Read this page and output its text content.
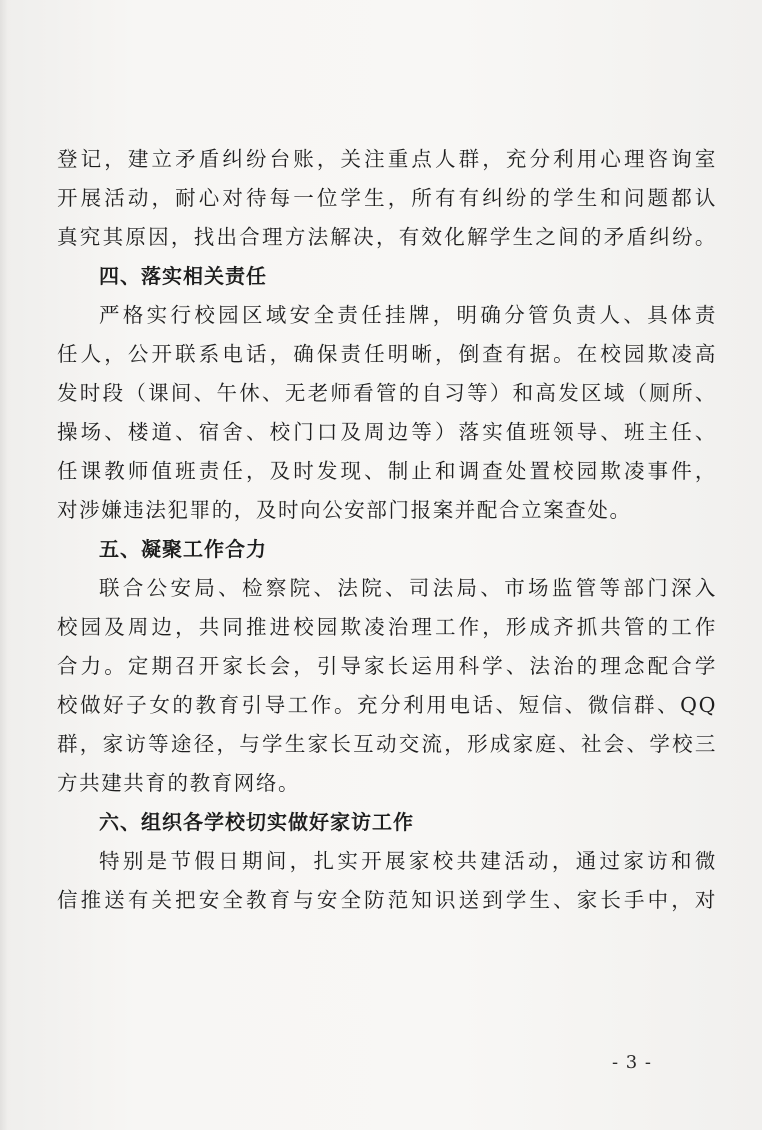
登记，建立矛盾纠纷台账，关注重点人群，充分利用心理咨询室
开展活动，耐心对待每一位学生，所有有纠纷的学生和问题都认
真究其原因，找出合理方法解决，有效化解学生之间的矛盾纠纷。
四、落实相关责任
严格实行校园区域安全责任挂牌，明确分管负责人、具体责
任人，公开联系电话，确保责任明晰，倒查有据。在校园欺凌高
发时段（课间、午休、无老师看管的自习等）和高发区域（厕所、
操场、楼道、宿舍、校门口及周边等）落实值班领导、班主任、
任课教师值班责任，及时发现、制止和调查处置校园欺凌事件，
对涉嫌违法犯罪的，及时向公安部门报案并配合立案查处。
五、凝聚工作合力
联合公安局、检察院、法院、司法局、市场监管等部门深入
校园及周边，共同推进校园欺凌治理工作，形成齐抓共管的工作
合力。定期召开家长会，引导家长运用科学、法治的理念配合学
校做好子女的教育引导工作。充分利用电话、短信、微信群、QQ
群，家访等途径，与学生家长互动交流，形成家庭、社会、学校三
方共建共育的教育网络。
六、组织各学校切实做好家访工作
特别是节假日期间，扎实开展家校共建活动，通过家访和微
信推送有关把安全教育与安全防范知识送到学生、家长手中，对
- 3 -
